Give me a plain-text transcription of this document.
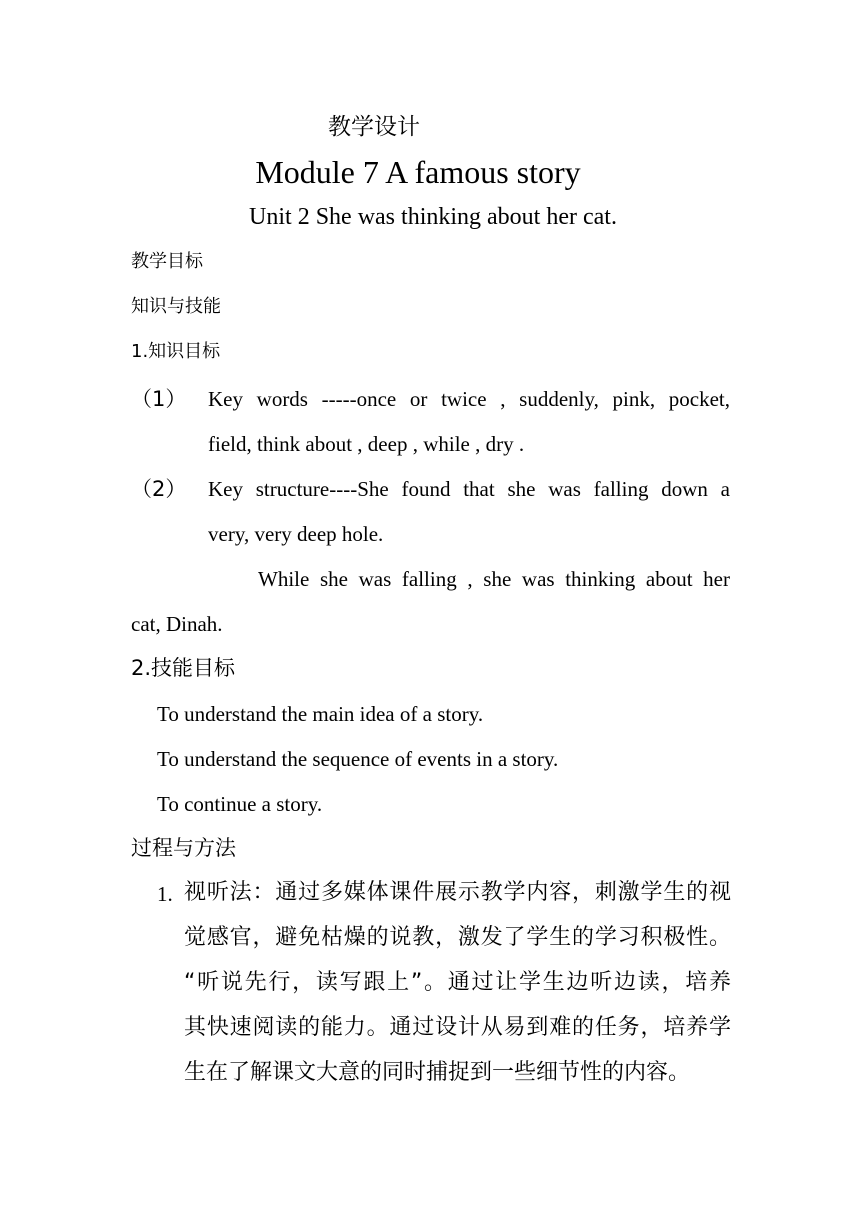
教学设计
Module 7 A famous story
Unit 2 She was thinking about her cat.
教学目标
知识与技能
1.知识目标
（1） Key words -----once or twice , suddenly, pink, pocket,
field, think about , deep , while , dry .
（2） Key structure----She found that she was falling down a
very, very deep hole.
While she was falling , she was thinking about her
cat, Dinah.
2.技能目标
To understand the main idea of a story.
To understand the sequence of events in a story.
To continue a story.
过程与方法
1. 视听法：通过多媒体课件展示教学内容，刺激学生的视
觉感官，避免枯燥的说教，激发了学生的学习积极性。
“听说先行，读写跟上”。通过让学生边听边读，培养
其快速阅读的能力。通过设计从易到难的任务，培养学
生在了解课文大意的同时捕捉到一些细节性的内容。
